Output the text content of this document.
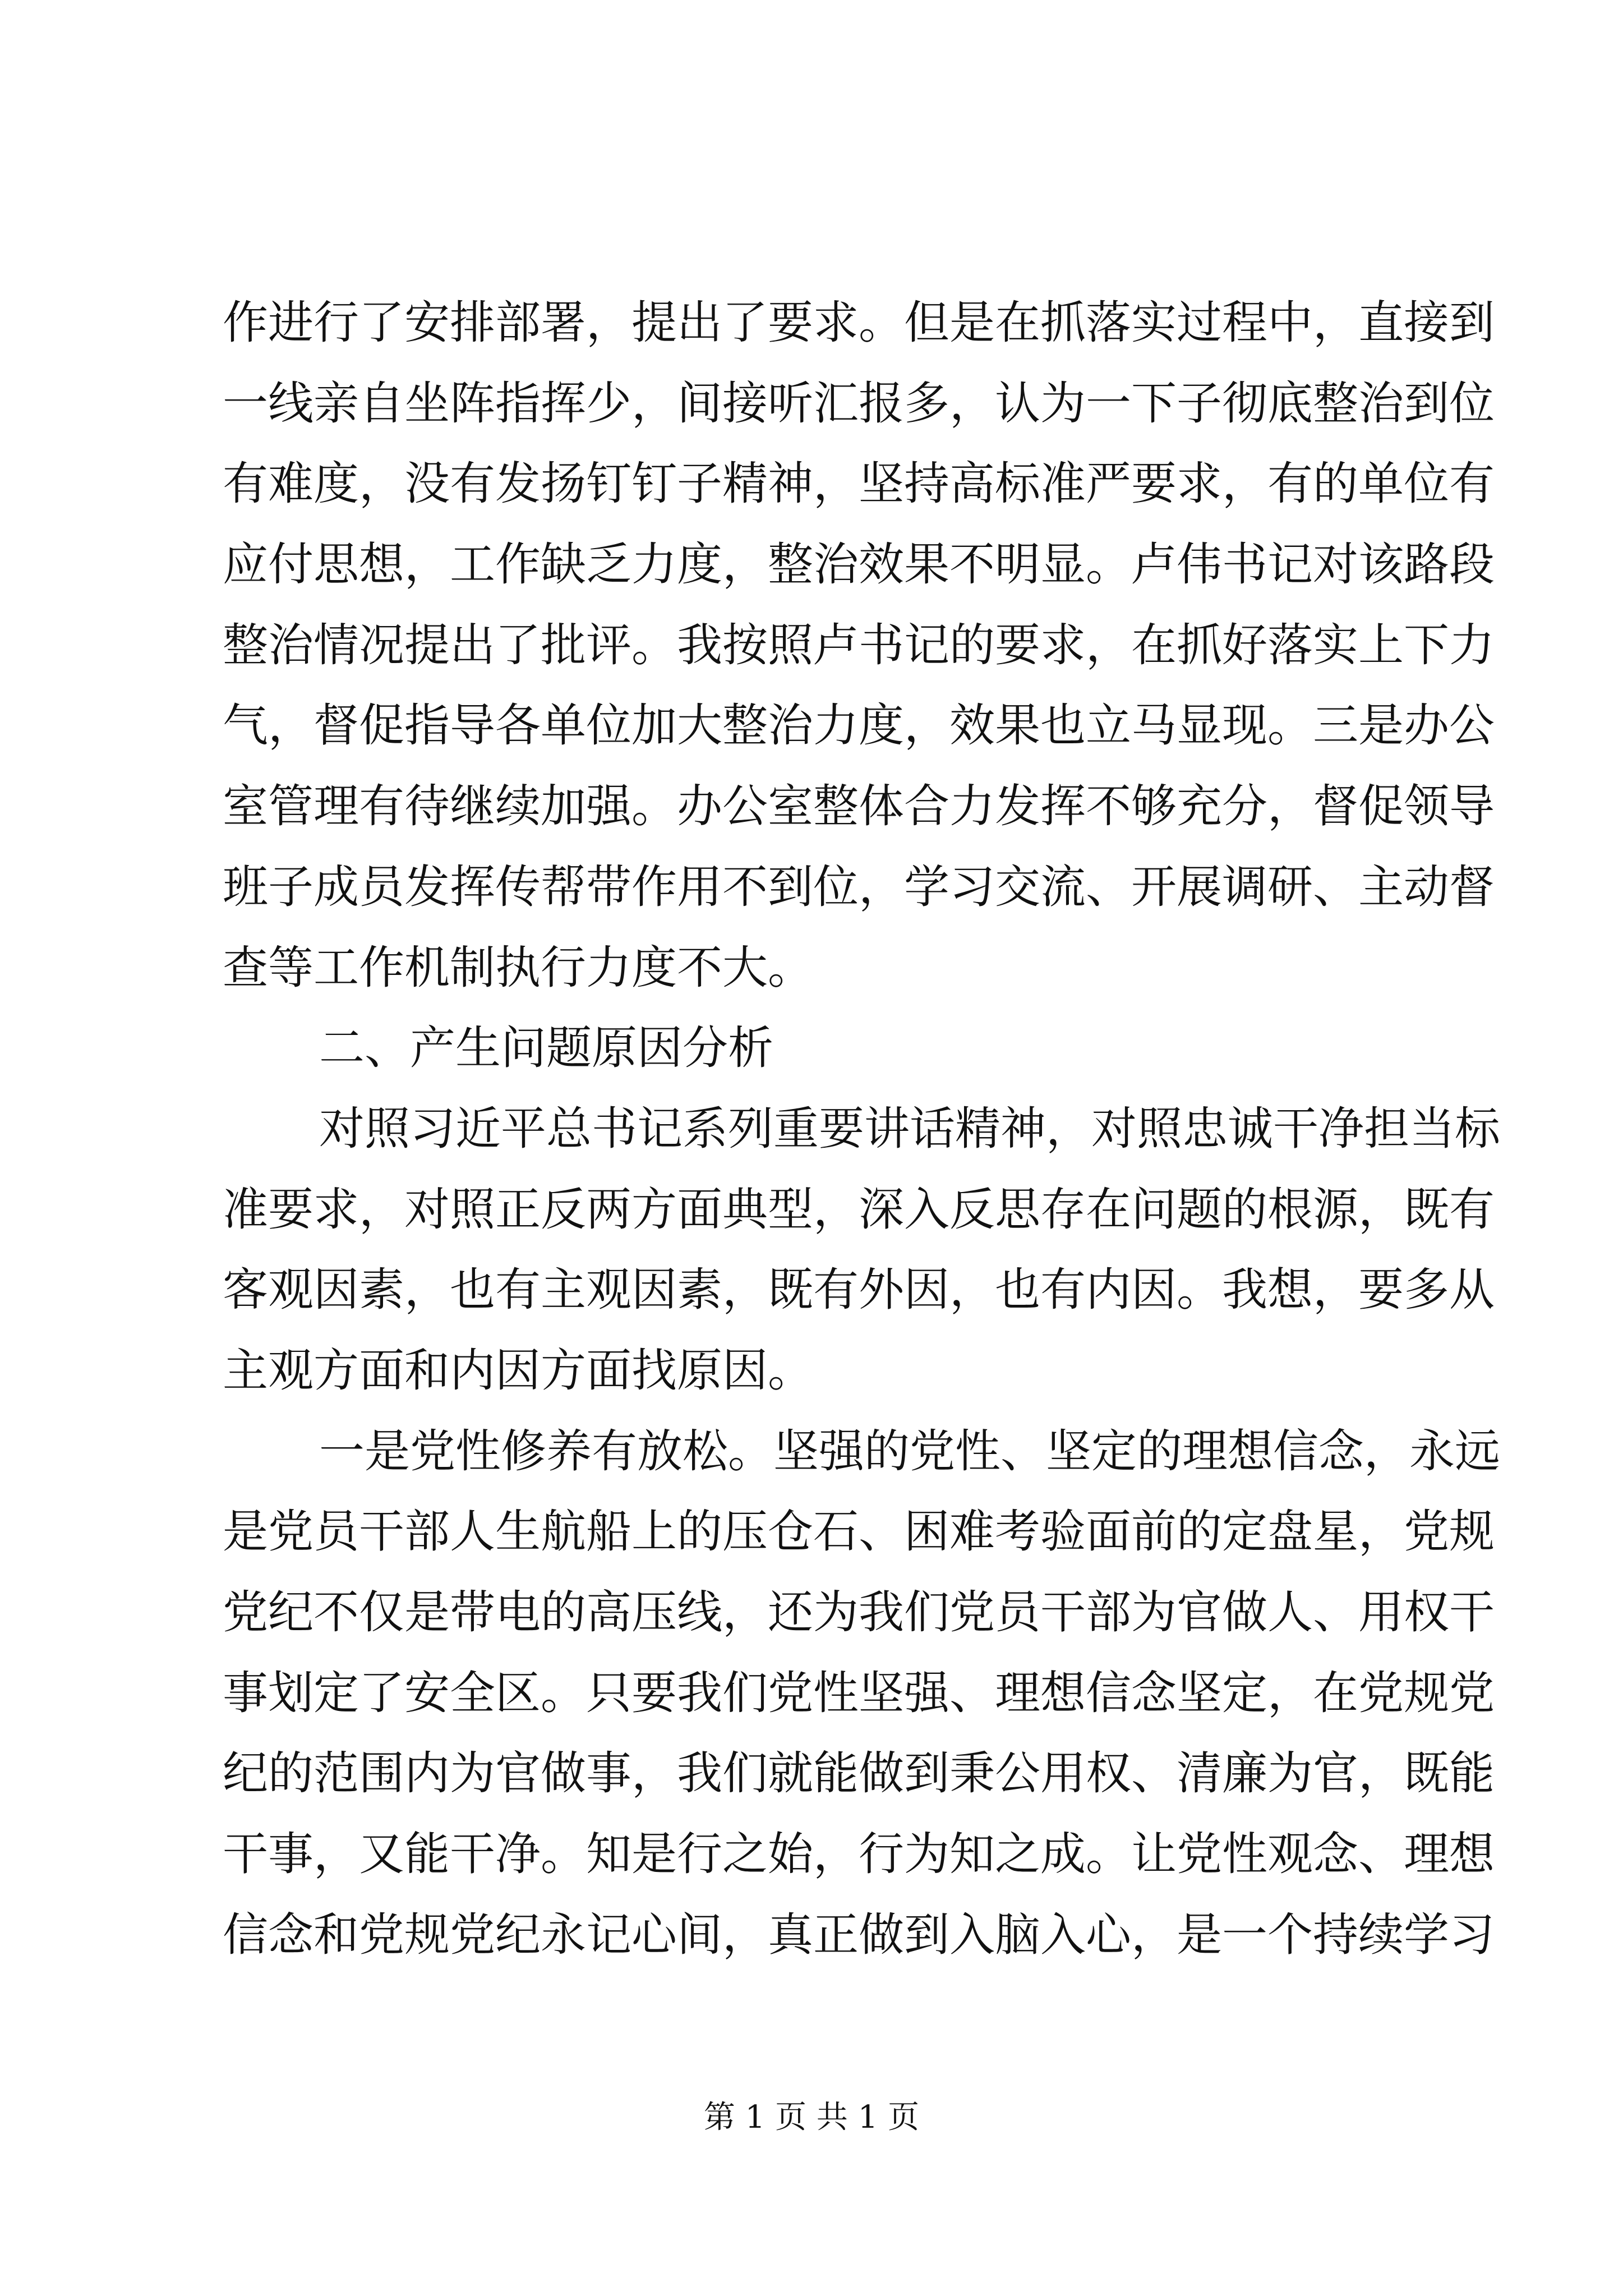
作进行了安排部署，提出了要求。但是在抓落实过程中，直接到
一线亲自坐阵指挥少，间接听汇报多，认为一下子彻底整治到位
有难度，没有发扬钉钉子精神，坚持高标准严要求，有的单位有
应付思想，工作缺乏力度，整治效果不明显。卢伟书记对该路段
整治情况提出了批评。我按照卢书记的要求，在抓好落实上下力
气，督促指导各单位加大整治力度，效果也立马显现。三是办公
室管理有待继续加强。办公室整体合力发挥不够充分，督促领导
班子成员发挥传帮带作用不到位，学习交流、开展调研、主动督
查等工作机制执行力度不大。
二、产生问题原因分析
对照习近平总书记系列重要讲话精神，对照忠诚干净担当标
准要求，对照正反两方面典型，深入反思存在问题的根源，既有
客观因素，也有主观因素，既有外因，也有内因。我想，要多从
主观方面和内因方面找原因。
一是党性修养有放松。坚强的党性、坚定的理想信念，永远
是党员干部人生航船上的压仓石、困难考验面前的定盘星，党规
党纪不仅是带电的高压线，还为我们党员干部为官做人、用权干
事划定了安全区。只要我们党性坚强、理想信念坚定，在党规党
纪的范围内为官做事，我们就能做到秉公用权、清廉为官，既能
干事，又能干净。知是行之始，行为知之成。让党性观念、理想
信念和党规党纪永记心间，真正做到入脑入心，是一个持续学习
第 1 页 共 1 页
